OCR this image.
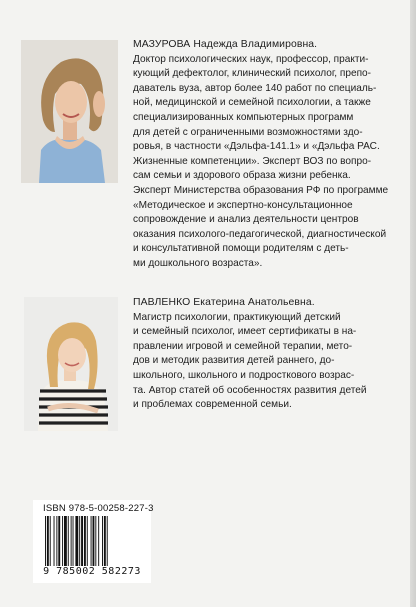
МАЗУРОВА Надежда Владимировна.
Доктор психологических наук, профессор, практи-
кующий дефектолог, клинический психолог, препо-
даватель вуза, автор более 140 работ по специаль-
ной, медицинской и семейной психологии, а также
специализированных компьютерных программ
для детей с ограниченными возможностями здо-
ровья, в частности «Дэльфа-141.1» и «Дэльфа РАС.
Жизненные компетенции». Эксперт ВОЗ по вопро-
сам семьи и здорового образа жизни ребенка.
Эксперт Министерства образования РФ по программе
«Методическое и экспертно-консультационное
сопровождение и анализ деятельности центров
оказания психолого-педагогической, диагностической
и консультативной помощи родителям с деть-
ми дошкольного возраста».
ПАВЛЕНКО Екатерина Анатольевна.
Магистр психологии, практикующий детский
и семейный психолог, имеет сертификаты в на-
правлении игровой и семейной терапии, мето-
дов и методик развития детей раннего, до-
школьного, школьного и подросткового возрас-
та. Автор статей об особенностях развития детей
и проблемах современной семьи.
ISBN 978-5-00258-227-3
9 785002 582273
